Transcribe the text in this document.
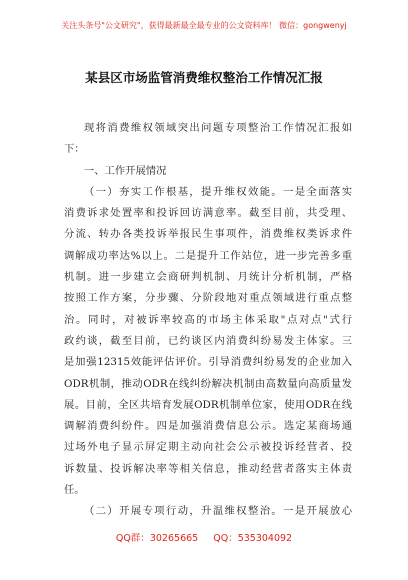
关注头条号"公文研究"，获得最新最全最专业的公文资料库！ 微信：gongwenyj
某县区市场监管消费维权整治工作情况汇报
现将消费维权领域突出问题专项整治工作情况汇报如
下：
一、工作开展情况
（一）夯实工作根基，提升维权效能。一是全面落实
消费诉求处置率和投诉回访满意率。截至目前，共受理、
分流、转办各类投诉举报民生事项件，消费维权类诉求件
调解成功率达%以上。二是提升工作站位，进一步完善多重
机制。进一步建立会商研判机制、月统计分析机制，严格
按照工作方案，分步骤、分阶段地对重点领域进行重点整
治。同时，对被诉率较高的市场主体采取"点对点"式行
政约谈，截至目前，已约谈区内消费纠纷易发主体家。三
是加强12315效能评估评价。引导消费纠纷易发的企业加入
ODR机制，推动ODR在线纠纷解决机制由高数量向高质量发
展。目前，全区共培育发展ODR机制单位家，使用ODR在线
调解消费纠纷件。四是加强消费信息公示。选定某商场通
过场外电子显示屏定期主动向社会公示被投诉经营者、投
诉数量、投诉解决率等相关信息，推动经营者落实主体责
任。
（二）开展专项行动，升温维权整治。一是开展放心
QQ群：30265665 QQ：535304092
